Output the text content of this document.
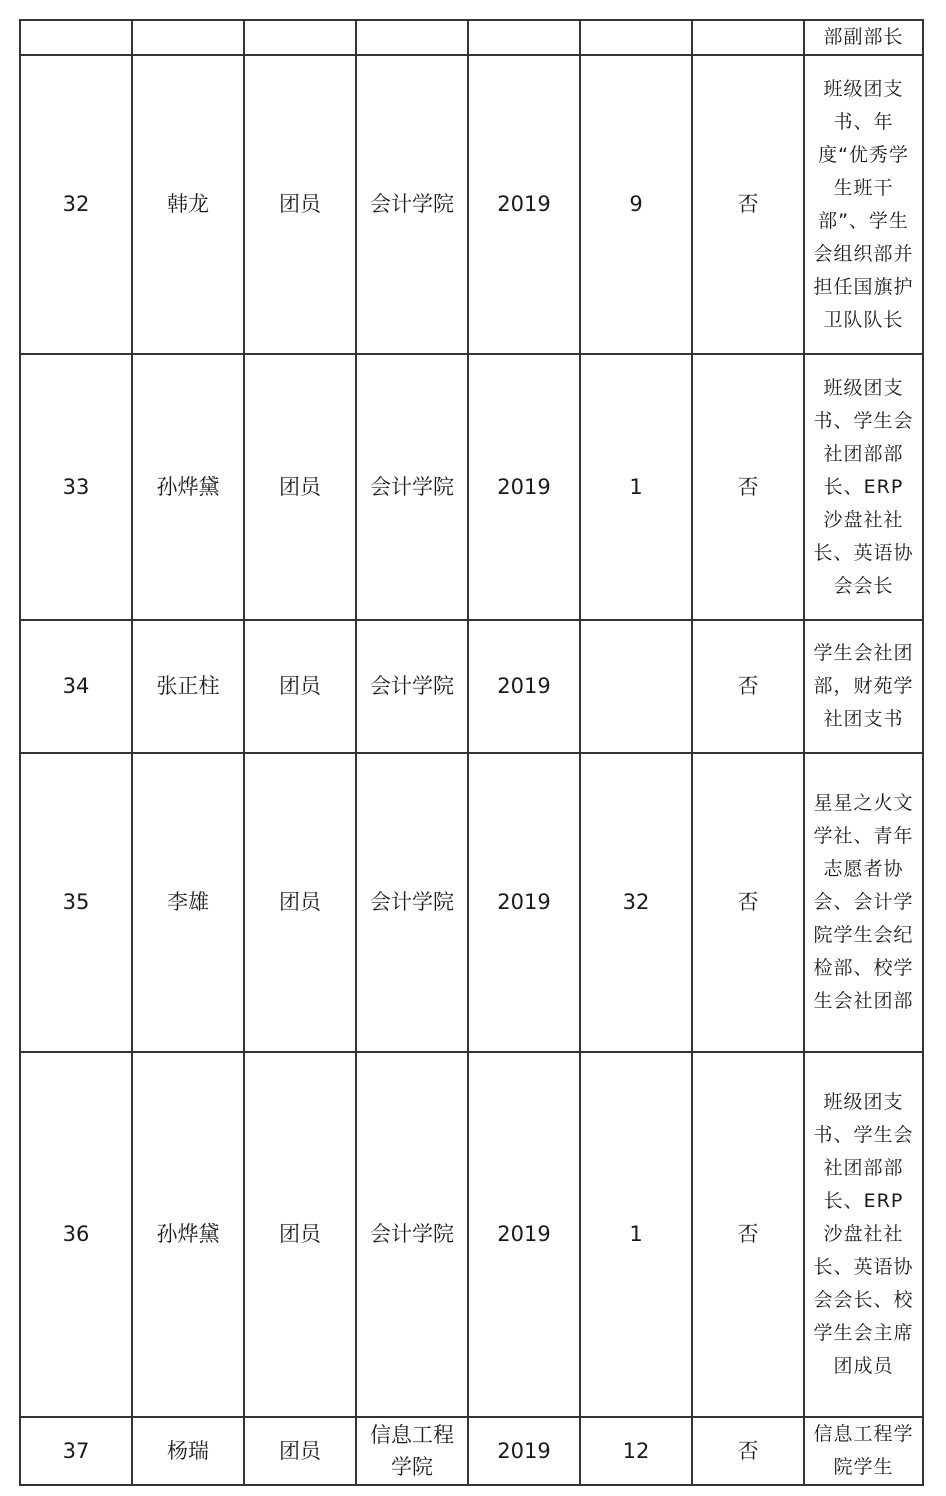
							部副部长
32	韩龙	团员	会计学院	2019	9	否	班级团支书、年度“优秀学生班干部”、学生会组织部并担任国旗护卫队队长
33	孙烨黛	团员	会计学院	2019	1	否	班级团支书、学生会社团部部长、ERP 沙盘社社长、英语协会会长
34	张正柱	团员	会计学院	2019		否	学生会社团部，财苑学社团支书
35	李雄	团员	会计学院	2019	32	否	星星之火文学社、青年志愿者协会、会计学院学生会纪检部、校学生会社团部
36	孙烨黛	团员	会计学院	2019	1	否	班级团支书、学生会社团部部长、ERP 沙盘社社长、英语协会会长、校学生会主席团成员
37	杨瑞	团员	信息工程学院	2019	12	否	信息工程学院学生
